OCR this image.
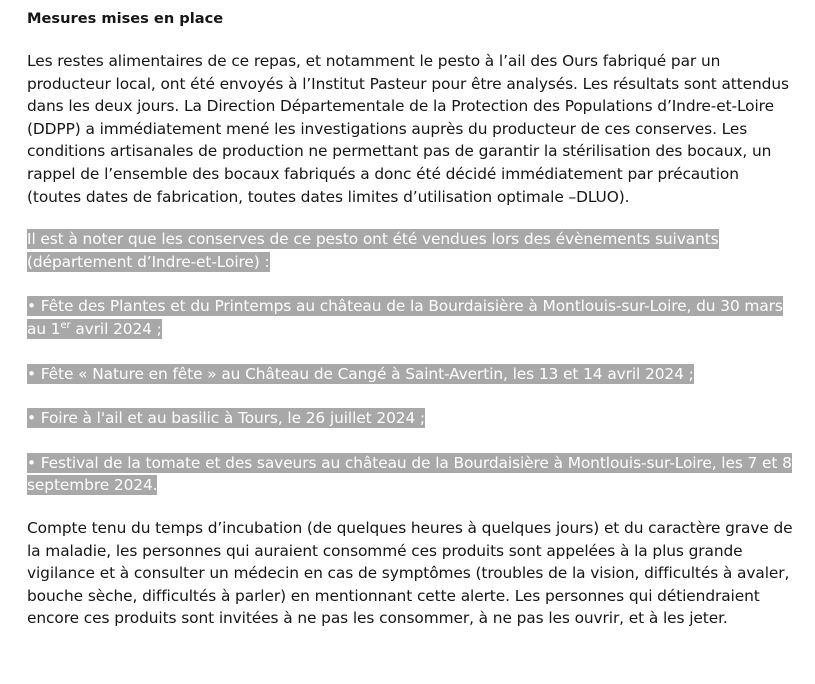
Mesures mises en place

Les restes alimentaires de ce repas, et notamment le pesto à l’ail des Ours fabriqué par un producteur local, ont été envoyés à l’Institut Pasteur pour être analysés. Les résultats sont attendus dans les deux jours. La Direction Départementale de la Protection des Populations d’Indre-et-Loire (DDPP) a immédiatement mené les investigations auprès du producteur de ces conserves. Les conditions artisanales de production ne permettant pas de garantir la stérilisation des bocaux, un rappel de l’ensemble des bocaux fabriqués a donc été décidé immédiatement par précaution (toutes dates de fabrication, toutes dates limites d’utilisation optimale –DLUO).

Il est à noter que les conserves de ce pesto ont été vendues lors des évènements suivants (département d’Indre-et-Loire) :

• Fête des Plantes et du Printemps au château de la Bourdaisière à Montlouis-sur-Loire, du 30 mars au 1er avril 2024 ;

• Fête « Nature en fête » au Château de Cangé à Saint-Avertin, les 13 et 14 avril 2024 ;

• Foire à l'ail et au basilic à Tours, le 26 juillet 2024 ;

• Festival de la tomate et des saveurs au château de la Bourdaisière à Montlouis-sur-Loire, les 7 et 8 septembre 2024.

Compte tenu du temps d’incubation (de quelques heures à quelques jours) et du caractère grave de la maladie, les personnes qui auraient consommé ces produits sont appelées à la plus grande vigilance et à consulter un médecin en cas de symptômes (troubles de la vision, difficultés à avaler, bouche sèche, difficultés à parler) en mentionnant cette alerte. Les personnes qui détiendraient encore ces produits sont invitées à ne pas les consommer, à ne pas les ouvrir, et à les jeter.
